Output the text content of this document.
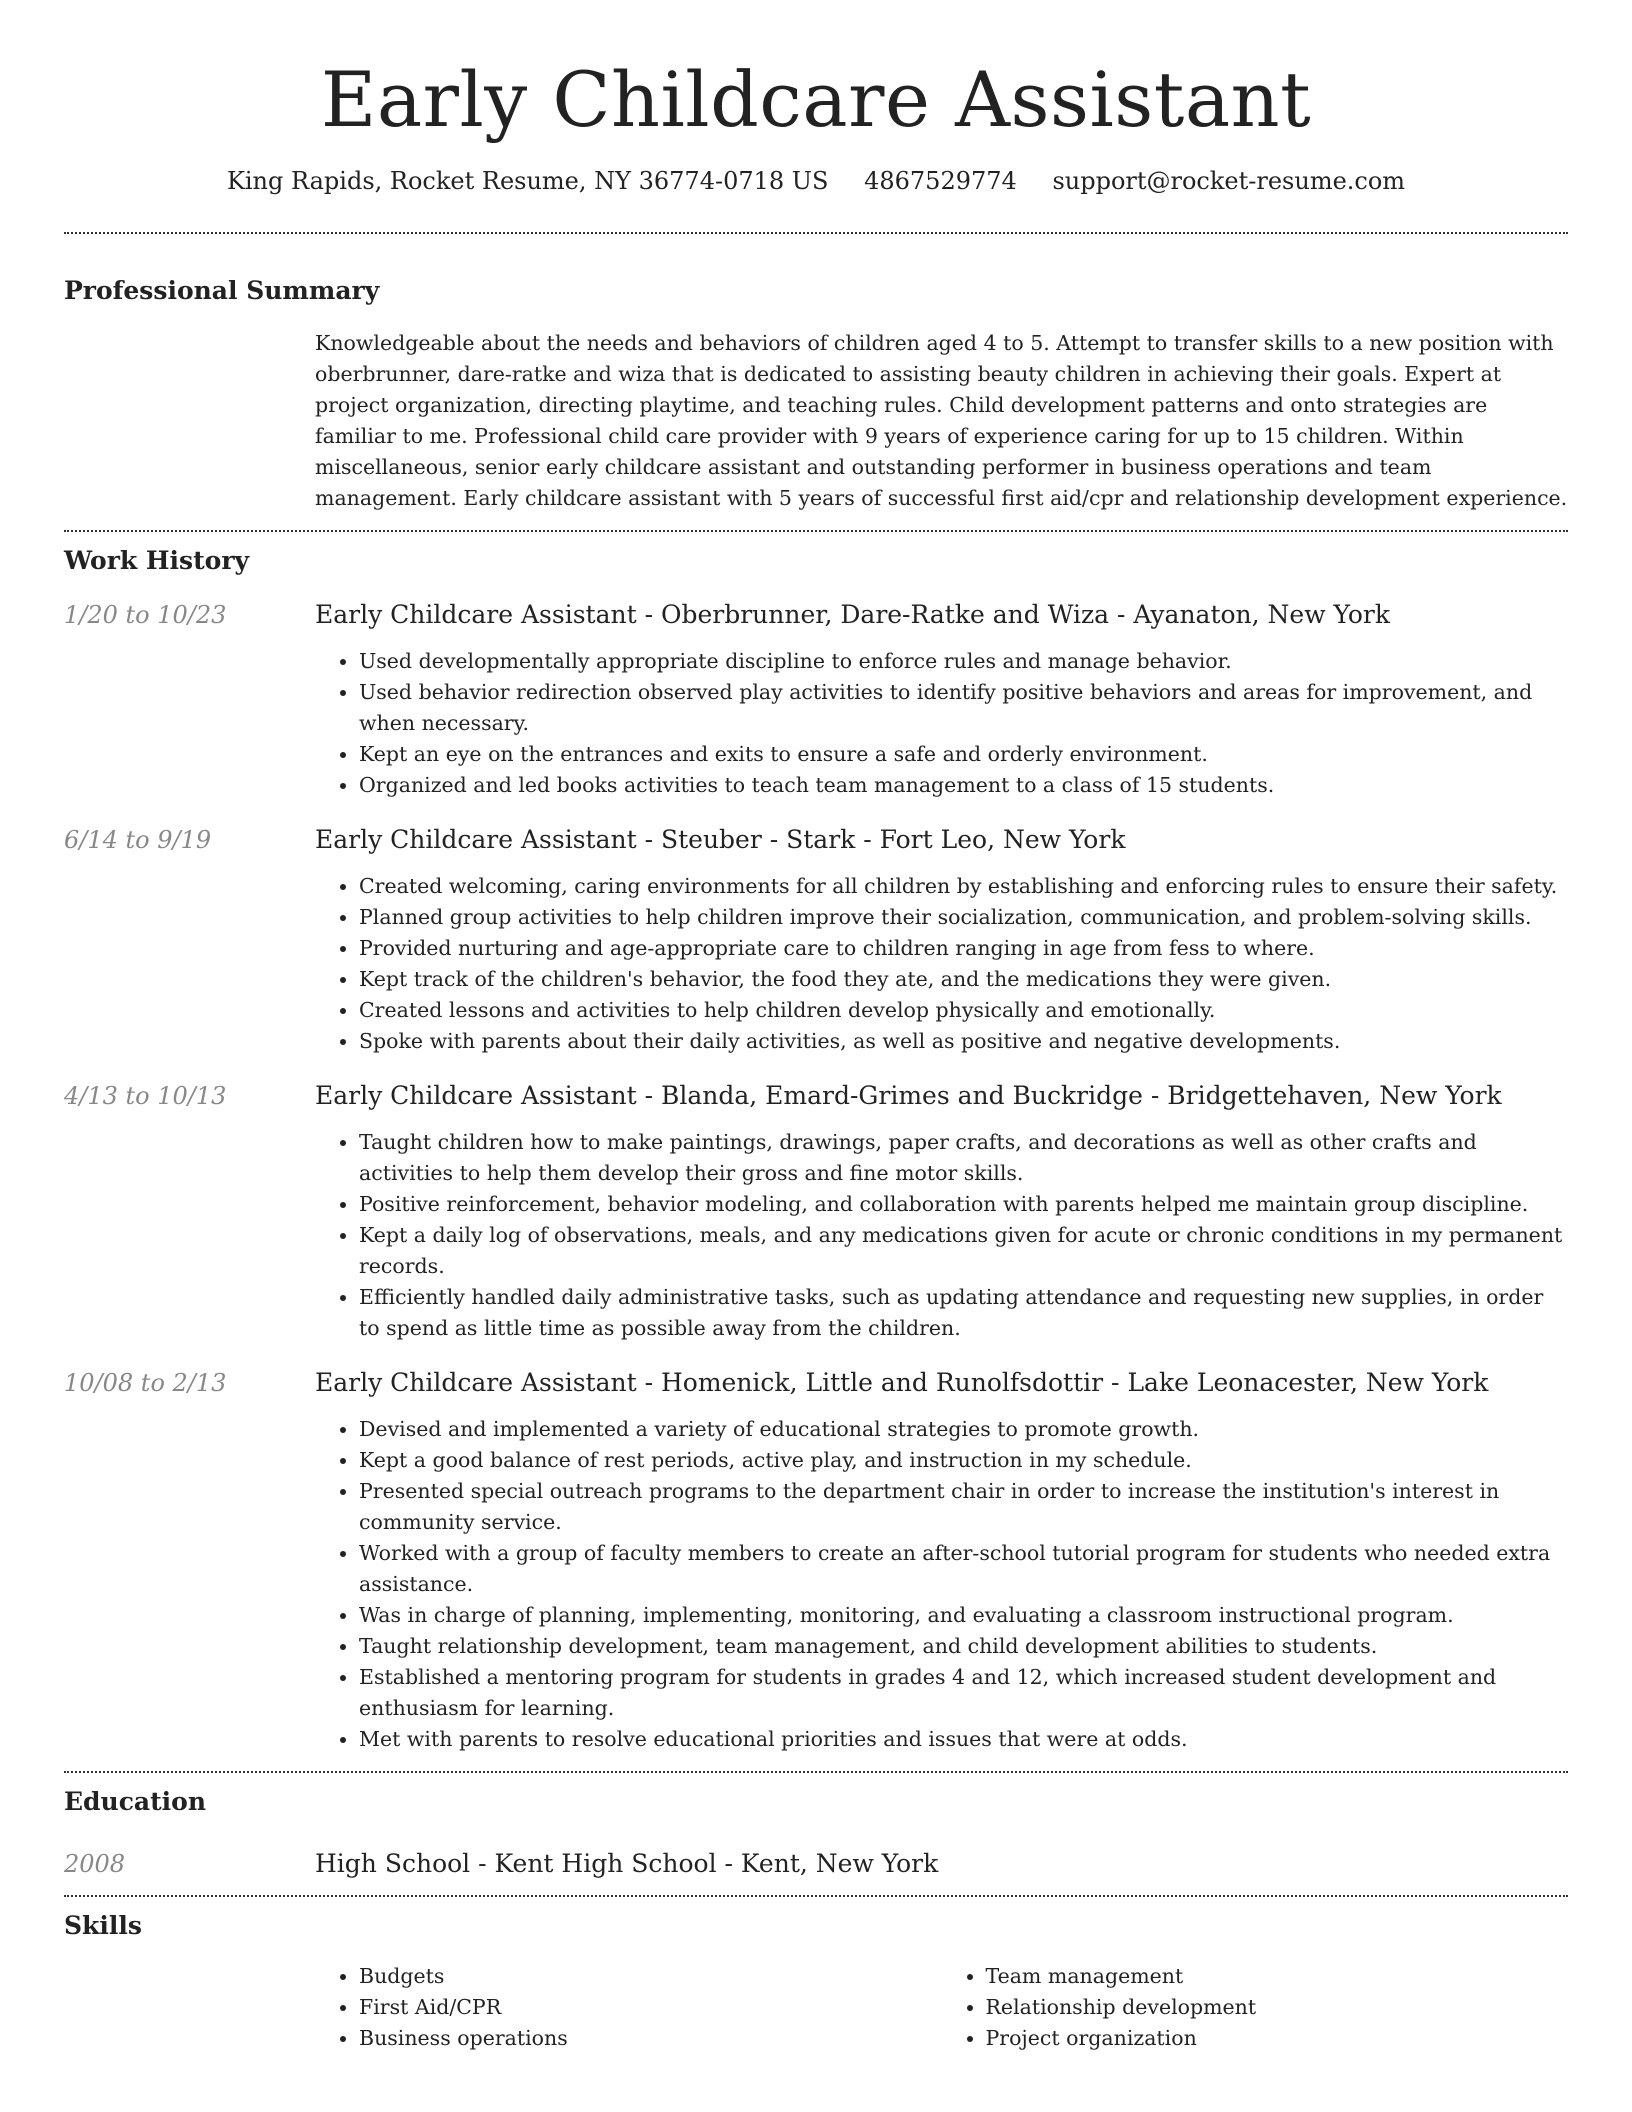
Early Childcare Assistant
King Rapids, Rocket Resume, NY 36774-0718 US 4867529774 support@rocket-resume.com
Professional Summary
Knowledgeable about the needs and behaviors of children aged 4 to 5. Attempt to transfer skills to a new position with oberbrunner, dare-ratke and wiza that is dedicated to assisting beauty children in achieving their goals. Expert at project organization, directing playtime, and teaching rules. Child development patterns and onto strategies are familiar to me. Professional child care provider with 9 years of experience caring for up to 15 children. Within miscellaneous, senior early childcare assistant and outstanding performer in business operations and team management. Early childcare assistant with 5 years of successful first aid/cpr and relationship development experience.
Work History
1/20 to 10/23	Early Childcare Assistant - Oberbrunner, Dare-Ratke and Wiza - Ayanaton, New York
• Used developmentally appropriate discipline to enforce rules and manage behavior.
• Used behavior redirection observed play activities to identify positive behaviors and areas for improvement, and when necessary.
• Kept an eye on the entrances and exits to ensure a safe and orderly environment.
• Organized and led books activities to teach team management to a class of 15 students.
6/14 to 9/19	Early Childcare Assistant - Steuber - Stark - Fort Leo, New York
• Created welcoming, caring environments for all children by establishing and enforcing rules to ensure their safety.
• Planned group activities to help children improve their socialization, communication, and problem-solving skills.
• Provided nurturing and age-appropriate care to children ranging in age from fess to where.
• Kept track of the children's behavior, the food they ate, and the medications they were given.
• Created lessons and activities to help children develop physically and emotionally.
• Spoke with parents about their daily activities, as well as positive and negative developments.
4/13 to 10/13	Early Childcare Assistant - Blanda, Emard-Grimes and Buckridge - Bridgettehaven, New York
• Taught children how to make paintings, drawings, paper crafts, and decorations as well as other crafts and activities to help them develop their gross and fine motor skills.
• Positive reinforcement, behavior modeling, and collaboration with parents helped me maintain group discipline.
• Kept a daily log of observations, meals, and any medications given for acute or chronic conditions in my permanent records.
• Efficiently handled daily administrative tasks, such as updating attendance and requesting new supplies, in order to spend as little time as possible away from the children.
10/08 to 2/13	Early Childcare Assistant - Homenick, Little and Runolfsdottir - Lake Leonacester, New York
• Devised and implemented a variety of educational strategies to promote growth.
• Kept a good balance of rest periods, active play, and instruction in my schedule.
• Presented special outreach programs to the department chair in order to increase the institution's interest in community service.
• Worked with a group of faculty members to create an after-school tutorial program for students who needed extra assistance.
• Was in charge of planning, implementing, monitoring, and evaluating a classroom instructional program.
• Taught relationship development, team management, and child development abilities to students.
• Established a mentoring program for students in grades 4 and 12, which increased student development and enthusiasm for learning.
• Met with parents to resolve educational priorities and issues that were at odds.
Education
2008	High School - Kent High School - Kent, New York
Skills
• Budgets
• First Aid/CPR
• Business operations
• Team management
• Relationship development
• Project organization
